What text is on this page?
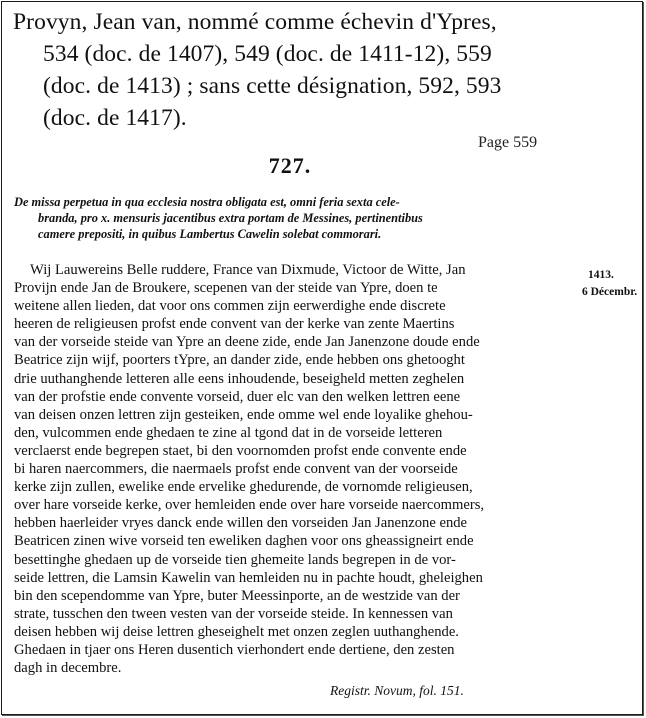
Provyn, Jean van, nommé comme échevin d'Ypres,
534 (doc. de 1407), 549 (doc. de 1411-12), 559
(doc. de 1413) ; sans cette désignation, 592, 593
(doc. de 1417).
Page 559
727.
De missa perpetua in qua ecclesia nostra obligata est, omni feria sexta cele-
branda, pro x. mensuris jacentibus extra portam de Messines, pertinentibus
camere prepositi, in quibus Lambertus Cawelin solebat commorari.
1413.
6 Décembr.
Wij Lauwereins Belle ruddere, France van Dixmude, Victoor de Witte, Jan
Provijn ende Jan de Broukere, scepenen van der steide van Ypre, doen te
weitene allen lieden, dat voor ons commen zijn eerwerdighe ende discrete
heeren de religieusen profst ende convent van der kerke van zente Maertins
van der vorseide steide van Ypre an deene zide, ende Jan Janenzone doude ende
Beatrice zijn wijf, poorters tYpre, an dander zide, ende hebben ons ghetooght
drie uuthanghende letteren alle eens inhoudende, beseigheld metten zeghelen
van der profstie ende convente vorseid, duer elc van den welken lettren eene
van deisen onzen lettren zijn gesteiken, ende omme wel ende loyalike ghehou-
den, vulcommen ende ghedaen te zine al tgond dat in de vorseide letteren
verclaerst ende begrepen staet, bi den voornomden profst ende convente ende
bi haren naercommers, die naermaels profst ende convent van der voorseide
kerke zijn zullen, ewelike ende ervelike ghedurende, de vornomde religieusen,
over hare vorseide kerke, over hemleiden ende over hare vorseide naercommers,
hebben haerleider vryes danck ende willen den vorseiden Jan Janenzone ende
Beatricen zinen wive vorseid ten eweliken daghen voor ons gheassigneirt ende
besettinghe ghedaen up de vorseide tien ghemeite lands begrepen in de vor-
seide lettren, die Lamsin Kawelin van hemleiden nu in pachte houdt, gheleighen
bin den scependomme van Ypre, buter Meessinporte, an de westzide van der
strate, tusschen den tween vesten van der vorseide steide. In kennessen van
deisen hebben wij deise lettren gheseighelt met onzen zeglen uuthanghende.
Ghedaen in tjaer ons Heren dusentich vierhondert ende dertiene, den zesten
dagh in decembre.
Registr. Novum, fol. 151.
